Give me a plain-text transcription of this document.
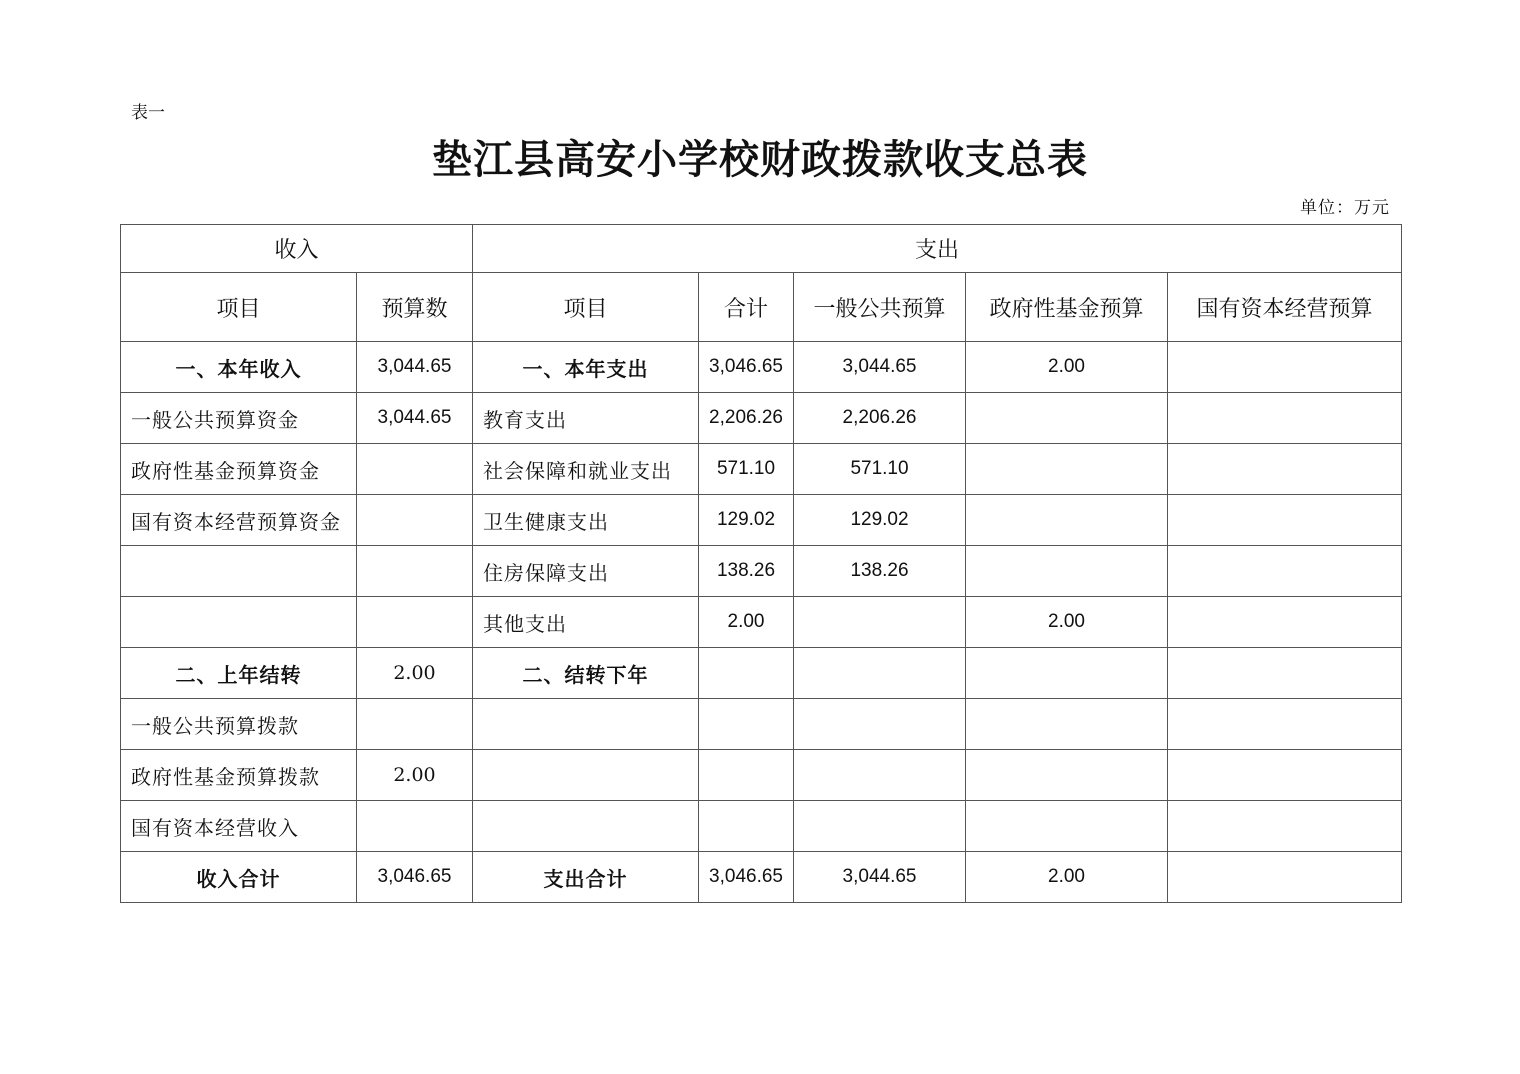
表一
垫江县高安小学校财政拨款收支总表
单位：万元
收入		支出				
项目	预算数	项目	合计	一般公共预算	政府性基金预算	国有资本经营预算
一、本年收入	3,044.65	一、本年支出	3,046.65	3,044.65	2.00	
一般公共预算资金	3,044.65	教育支出	2,206.26	2,206.26		
政府性基金预算资金		社会保障和就业支出	571.10	571.10		
国有资本经营预算资金		卫生健康支出	129.02	129.02		
		住房保障支出	138.26	138.26		
		其他支出	2.00		2.00	
二、上年结转	2.00	二、结转下年				
一般公共预算拨款						
政府性基金预算拨款	2.00					
国有资本经营收入						
收入合计	3,046.65	支出合计	3,046.65	3,044.65	2.00	
